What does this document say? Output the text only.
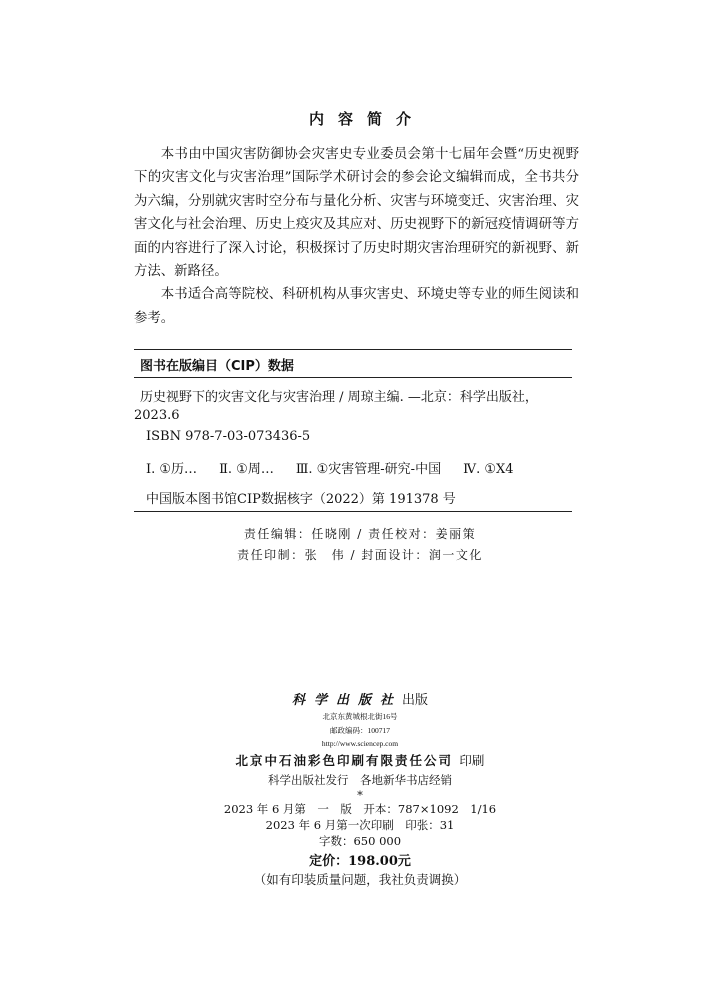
内容简介

本书由中国灾害防御协会灾害史专业委员会第十七届年会暨“历史视野下的灾害文化与灾害治理”国际学术研讨会的参会论文编辑而成，全书共分为六编，分别就灾害时空分布与量化分析、灾害与环境变迁、灾害治理、灾害文化与社会治理、历史上疫灾及其应对、历史视野下的新冠疫情调研等方面的内容进行了深入讨论，积极探讨了历史时期灾害治理研究的新视野、新方法、新路径。

本书适合高等院校、科研机构从事灾害史、环境史等专业的师生阅读和参考。

图书在版编目（CIP）数据
历史视野下的灾害文化与灾害治理 / 周琼主编. —北京：科学出版社，
2023.6
ISBN 978-7-03-073436-5
Ⅰ. ①历… Ⅱ. ①周… Ⅲ. ①灾害管理-研究-中国 Ⅳ. ①X4
中国版本图书馆CIP数据核字（2022）第 191378 号
责任编辑：任晓刚 / 责任校对：姜丽策
责任印制：张　伟 / 封面设计：润一文化
科学出版社出版
北京东黄城根北街16号
邮政编码：100717
http://www.sciencep.com
北京中石油彩色印刷有限责任公司 印刷
科学出版社发行　各地新华书店经销
*
2023 年 6 月第　一　版　开本：787×1092　1/16
2023 年 6 月第一次印刷　印张：31
字数：650 000
定价：198.00元
（如有印装质量问题，我社负责调换）
